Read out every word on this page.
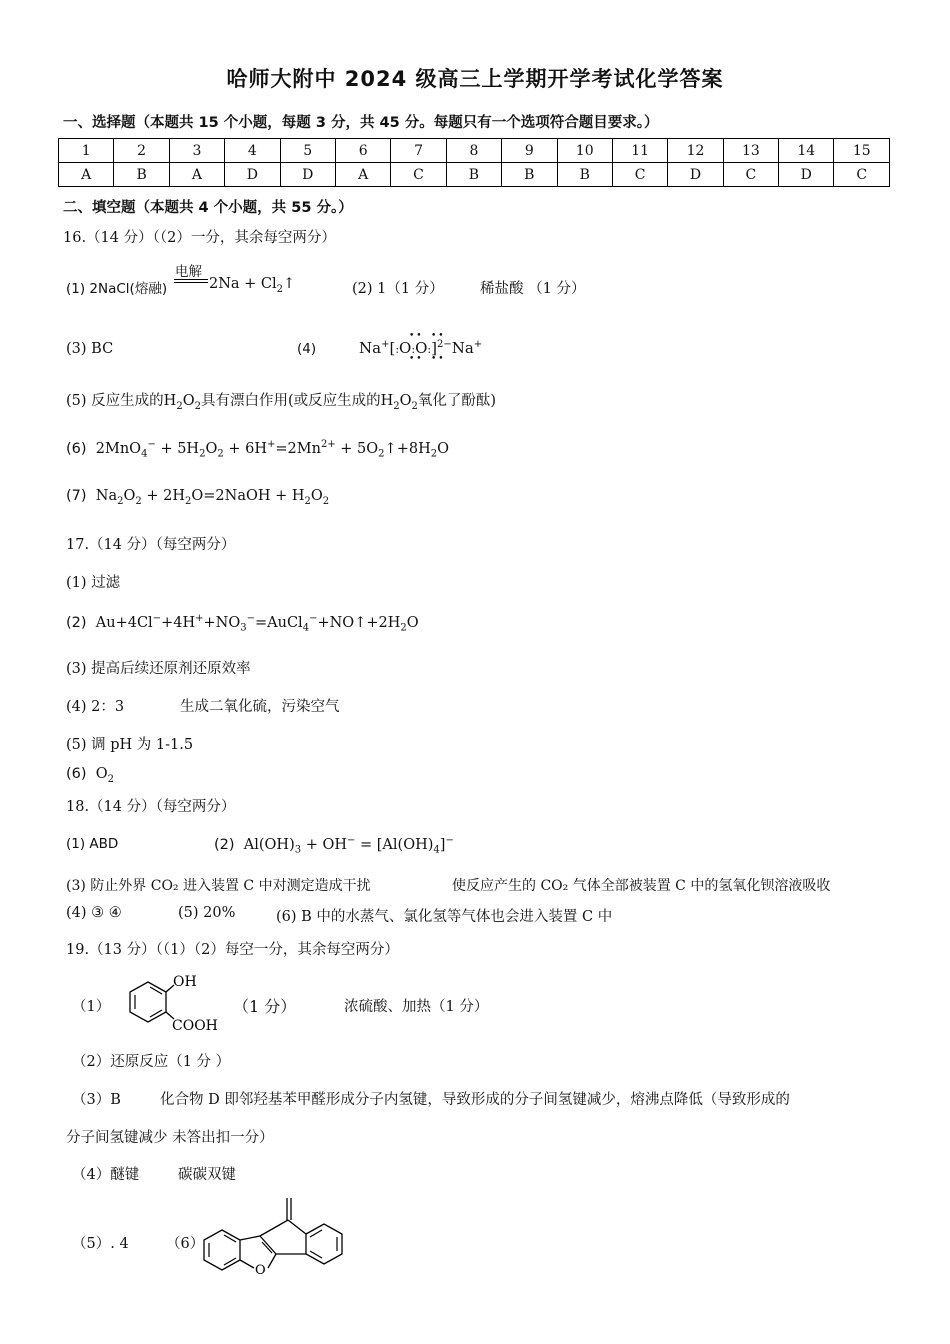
哈师大附中 2024 级高三上学期开学考试化学答案
一、选择题（本题共 15 个小题，每题 3 分，共 45 分。每题只有一个选项符合题目要求。）
1	2	3	4	5	6	7	8	9	10	11	12	13	14	15
A	B	A	D	D	A	C	B	B	B	C	D	C	D	C
二、填空题（本题共 4 个小题，共 55 分。）
16.（14 分）（（2）一分，其余每空两分）
(1) 2NaCl(熔融)
电解
$2Na + Cl_2↑$	(2) 1（1 分）	稀盐酸 （1 分）
(3) BC	(4)	Na+[:O:O:]$^{2-}$Na+
•• ••
•• ••
(5) 反应生成的$H_2O_2$具有漂白作用(或反应生成的$H_2O_2$氧化了酚酞)
(6)  $2MnO_4^- + 5H_2O_2 + 6H^+=2Mn^{2+}$ + $5O_2↑+8H_2O$
(7)  $Na_2O_2$ + $2H_2O=2NaOH + H_2O_2$
17.（14 分）（每空两分）
(1) 过滤
(2)  $Au+4Cl^-+4H^++NO_3^-=AuCl_4^-+NO↑+2H_2O$
(3) 提高后续还原剂还原效率
(4) 2：3	生成二氧化硫，污染空气
(5) 调 pH 为 1-1.5
(6)  $O_2$
18.（14 分）（每空两分）
(1) ABD	(2)  $Al(OH)_3 + OH^- = [Al(OH)_4]^-$
(3) 防止外界 CO₂ 进入装置 C 中对测定造成干扰	使反应产生的 CO₂ 气体全部被装置 C 中的氢氧化钡溶液吸收
(4) ③ ④	(5) 20%	(6) B 中的水蒸气、氯化氢等气体也会进入装置 C 中
19.（13 分）（（1）（2）每空一分，其余每空两分）
（1）
OH
COOH
（1 分）	浓硫酸、加热（1 分）
（2）还原反应（1 分 ）
（3）B	化合物 D 即邻羟基苯甲醛形成分子内氢键，导致形成的分子间氢键减少，熔沸点降低（导致形成的
分子间氢键减少 未答出扣一分）
（4）醚键	碳碳双键
（5）. 4	（6）
O
